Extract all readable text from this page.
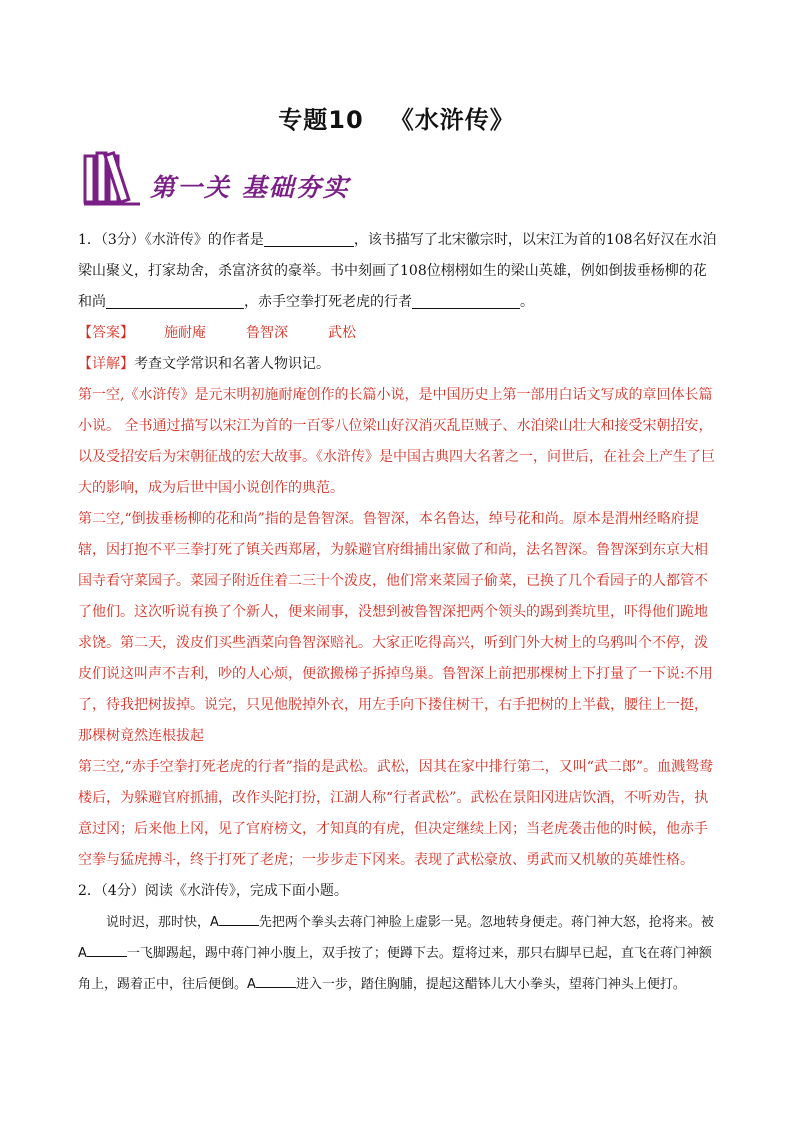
专题10 《水浒传》
第一关 基础夯实

1．（3分）《水浒传》的作者是	，该书描写了北宋徽宗时，以宋江为首的108名好汉在水泊梁山聚义，打家劫舍，杀富济贫的豪举。书中刻画了108位栩栩如生的梁山英雄，例如倒拔垂杨柳的花和尚	，赤手空拳打死老虎的行者	。

【答案】 施耐庵	鲁智深	武松

【详解】考查文学常识和名著人物识记。

第一空,《水浒传》是元末明初施耐庵创作的长篇小说，是中国历史上第一部用白话文写成的章回体长篇小说。 全书通过描写以宋江为首的一百零八位梁山好汉消灭乱臣贼子、水泊梁山壮大和接受宋朝招安，以及受招安后为宋朝征战的宏大故事。《水浒传》是中国古典四大名著之一，问世后，在社会上产生了巨大的影响，成为后世中国小说创作的典范。

第二空,“倒拔垂杨柳的花和尚”指的是鲁智深。鲁智深，本名鲁达，绰号花和尚。原本是渭州经略府提辖，因打抱不平三拳打死了镇关西郑屠，为躲避官府缉捕出家做了和尚，法名智深。鲁智深到东京大相国寺看守菜园子。菜园子附近住着二三十个泼皮，他们常来菜园子偷菜，已换了几个看园子的人都管不了他们。这次听说有换了个新人，便来闹事，没想到被鲁智深把两个领头的踢到粪坑里，吓得他们跪地求饶。第二天，泼皮们买些酒菜向鲁智深赔礼。大家正吃得高兴，听到门外大树上的乌鸦叫个不停，泼皮们说这叫声不吉利，吵的人心烦，便欲搬梯子拆掉鸟巢。鲁智深上前把那棵树上下打量了一下说:不用了，待我把树拔掉。说完，只见他脱掉外衣，用左手向下搂住树干，右手把树的上半截，腰往上一挺，那棵树竟然连根拔起

第三空,“赤手空拳打死老虎的行者”指的是武松。武松，因其在家中排行第二，又叫“武二郎”。血溅鸳鸯楼后，为躲避官府抓捕，改作头陀打扮，江湖人称“行者武松”。武松在景阳冈进店饮酒，不听劝告，执意过冈；后来他上冈，见了官府榜文，才知真的有虎，但决定继续上冈；当老虎袭击他的时候，他赤手空拳与猛虎搏斗，终于打死了老虎；一步步走下冈来。表现了武松豪放、勇武而又机敏的英雄性格。

2．（4分）阅读《水浒传》，完成下面小题。

说时迟，那时快，A	先把两个拳头去蒋门神脸上虚影一晃。忽地转身便走。蒋门神大怒，抢将来。被A	一飞脚踢起，踢中蒋门神小腹上，双手按了；便蹲下去。踅将过来，那只右脚早已起，直飞在蒋门神额角上，踢着正中，往后便倒。A	进入一步，踏住胸脯，提起这醋钵儿大小拳头，望蒋门神头上便打。
